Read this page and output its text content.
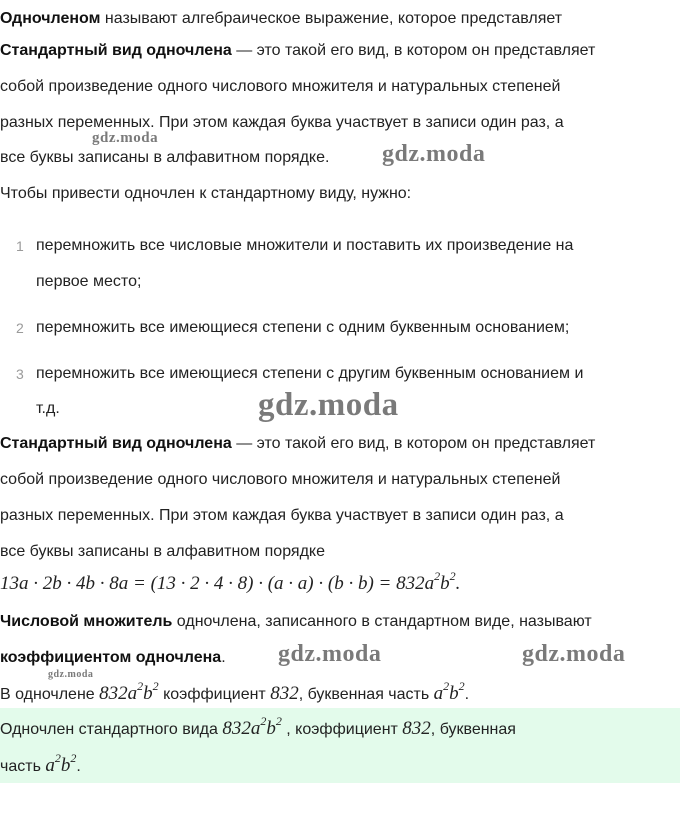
Одночленом называют алгебраическое выражение, которое представляет
Стандартный вид одночлена — это такой его вид, в котором он представляет
собой произведение одного числового множителя и натуральных степеней
разных переменных. При этом каждая буква участвует в записи один раз, а
все буквы записаны в алфавитном порядке.
Чтобы привести одночлен к стандартному виду, нужно:
1 перемножить все числовые множители и поставить их произведение на
первое место;
2 перемножить все имеющиеся степени с одним буквенным основанием;
3 перемножить все имеющиеся степени с другим буквенным основанием и
т.д.
Стандартный вид одночлена — это такой его вид, в котором он представляет
собой произведение одного числового множителя и натуральных степеней
разных переменных. При этом каждая буква участвует в записи один раз, а
все буквы записаны в алфавитном порядке
$13a \cdot 2b \cdot 4b \cdot 8a = (13 \cdot 2 \cdot 4 \cdot 8) \cdot (a \cdot a) \cdot (b \cdot b) = 832a^2b^2$.
Числовой множитель одночлена, записанного в стандартном виде, называют
коэффициентом одночлена.
В одночлене $832a^2b^2$ коэффициент 832, буквенная часть $a^2b^2$.
Одночлен стандартного вида $832a^2b^2$ , коэффициент 832, буквенная
часть $a^2b^2$.
gdz.moda
gdz.moda
gdz.moda
gdz.moda	gdz.moda
gdz.moda
